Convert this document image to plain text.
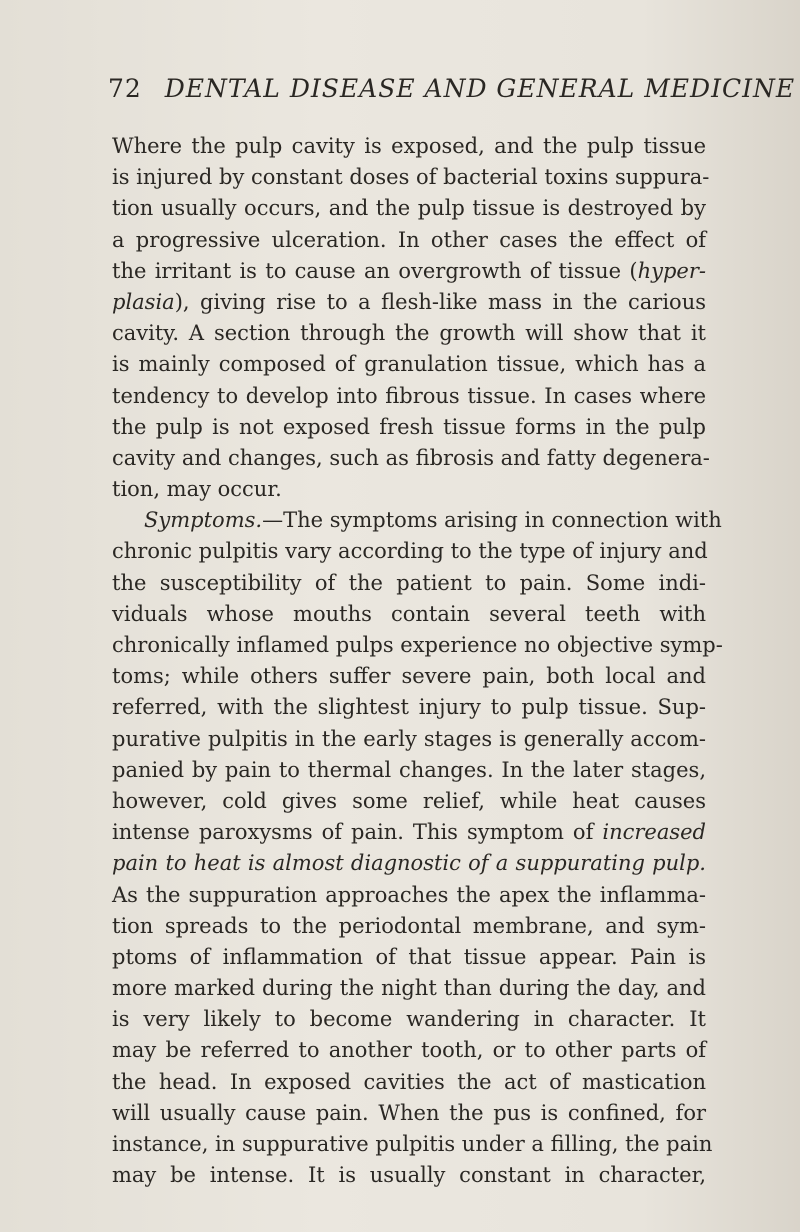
72 DENTAL DISEASE AND GENERAL MEDICINE
Where the pulp cavity is exposed, and the pulp tissue
is injured by constant doses of bacterial toxins suppura-
tion usually occurs, and the pulp tissue is destroyed by
a progressive ulceration. In other cases the effect of
the irritant is to cause an overgrowth of tissue (hyper-
plasia), giving rise to a flesh-like mass in the carious
cavity. A section through the growth will show that it
is mainly composed of granulation tissue, which has a
tendency to develop into fibrous tissue. In cases where
the pulp is not exposed fresh tissue forms in the pulp
cavity and changes, such as fibrosis and fatty degenera-
tion, may occur.
Symptoms.—The symptoms arising in connection with
chronic pulpitis vary according to the type of injury and
the susceptibility of the patient to pain. Some indi-
viduals whose mouths contain several teeth with
chronically inflamed pulps experience no objective symp-
toms; while others suffer severe pain, both local and
referred, with the slightest injury to pulp tissue. Sup-
purative pulpitis in the early stages is generally accom-
panied by pain to thermal changes. In the later stages,
however, cold gives some relief, while heat causes
intense paroxysms of pain. This symptom of increased
pain to heat is almost diagnostic of a suppurating pulp.
As the suppuration approaches the apex the inflamma-
tion spreads to the periodontal membrane, and sym-
ptoms of inflammation of that tissue appear. Pain is
more marked during the night than during the day, and
is very likely to become wandering in character. It
may be referred to another tooth, or to other parts of
the head. In exposed cavities the act of mastication
will usually cause pain. When the pus is confined, for
instance, in suppurative pulpitis under a filling, the pain
may be intense. It is usually constant in character,
